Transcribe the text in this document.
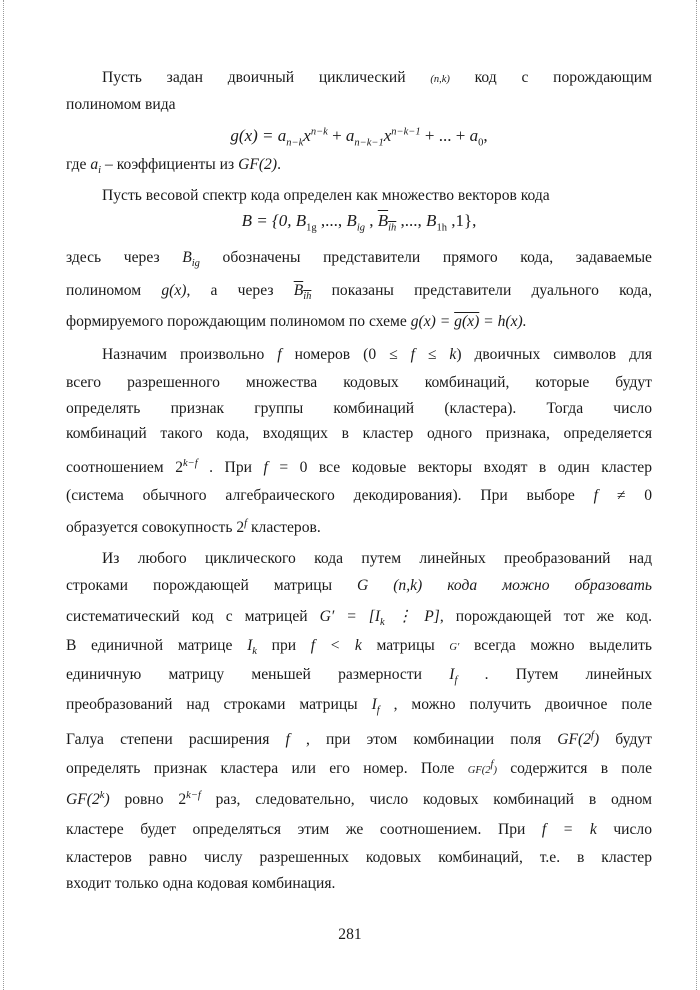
Пусть задан двоичный циклический (n,k) код с порождающим
полиномом вида
$g(x) = a_{n-k}x^{n-k} + a_{n-k-1}x^{n-k-1}$ + ... + $a_0$,
где $a_i$ – коэффициенты из GF(2).
Пусть весовой спектр кода определен как множество векторов кода
B = {0, $B_{1g}$ ,..., $B_{ig}$ , $B_{ih}$ ,..., $B_{1h}$ ,1},
здесь через $B_{ig}$ обозначены представители прямого кода, задаваемые
полиномом g(x), а через $B_{ih}$ показаны представители дуального кода,
формируемого порождающим полиномом по схеме g(x) = g(x) = h(x).
Назначим произвольно f номеров (0 ≤ f ≤ k) двоичных символов для
всего разрешенного множества кодовых комбинаций, которые будут
определять признак группы комбинаций (кластера). Тогда число
комбинаций такого кода, входящих в кластер одного признака, определяется
соотношением $2^{k-f}$ . При f = 0 все кодовые векторы входят в один кластер
(система обычного алгебраического декодирования). При выборе f ≠ 0
образуется совокупность 2$^f$ кластеров.
Из любого циклического кода путем линейных преобразований над
строками порождающей матрицы G (n,k) кода можно образовать
систематический код с матрицей $G' = [I_k$ ⋮ P], порождающей тот же код.
В единичной матрице $I_k$ при f < k матрицы G′ всегда можно выделить
единичную матрицу меньшей размерности $I_f$ . Путем линейных
преобразований над строками матрицы $I_f$ , можно получить двоичное поле
Галуа степени расширения f , при этом комбинации поля GF(2$^f$) будут
определять признак кластера или его номер. Поле GF(2$^f$) содержится в поле
GF(2$^k$) ровно $2^{k-f}$ раз, следовательно, число кодовых комбинаций в одном
кластере будет определяться этим же соотношением. При f = k число
кластеров равно числу разрешенных кодовых комбинаций, т.е. в кластер
входит только одна кодовая комбинация.
281
